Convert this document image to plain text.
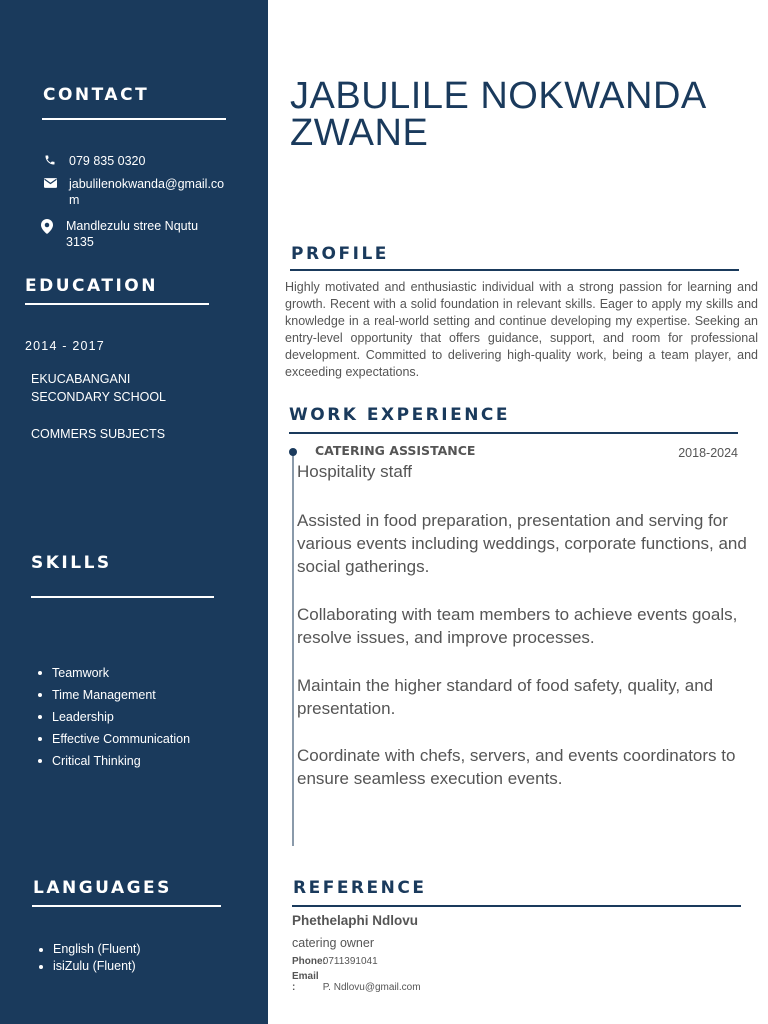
CONTACT
079 835 0320
jabulilenokwanda@gmail.co
m
Mandlezulu stree Nqutu
3135
EDUCATION
2014 - 2017
EKUCABANGANI
SECONDARY SCHOOL
COMMERS SUBJECTS
SKILLS
Teamwork
Time Management
Leadership
Effective Communication
Critical Thinking
LANGUAGES
English (Fluent)
isiZulu (Fluent)
JABULILE NOKWANDA
ZWANE
PROFILE
Highly motivated and enthusiastic individual with a strong passion for learning and growth. Recent with a solid foundation in relevant skills. Eager to apply my skills and knowledge in a real-world setting and continue developing my expertise. Seeking an entry-level opportunity that offers guidance, support, and room for professional development. Committed to delivering high-quality work, being a team player, and exceeding expectations.
WORK EXPERIENCE
CATERING ASSISTANCE	2018-2024
Hospitality staff
Assisted in food preparation, presentation and serving for various events including weddings, corporate functions, and social gatherings.
Collaborating with team members to achieve events goals, resolve issues, and improve processes.
Maintain the higher standard of food safety, quality, and presentation.
Coordinate with chefs, servers, and events coordinators to ensure seamless execution events.
REFERENCE
Phethelaphi Ndlovu
catering owner
Phone: 0711391041
Email :	P. Ndlovu@gmail.com
